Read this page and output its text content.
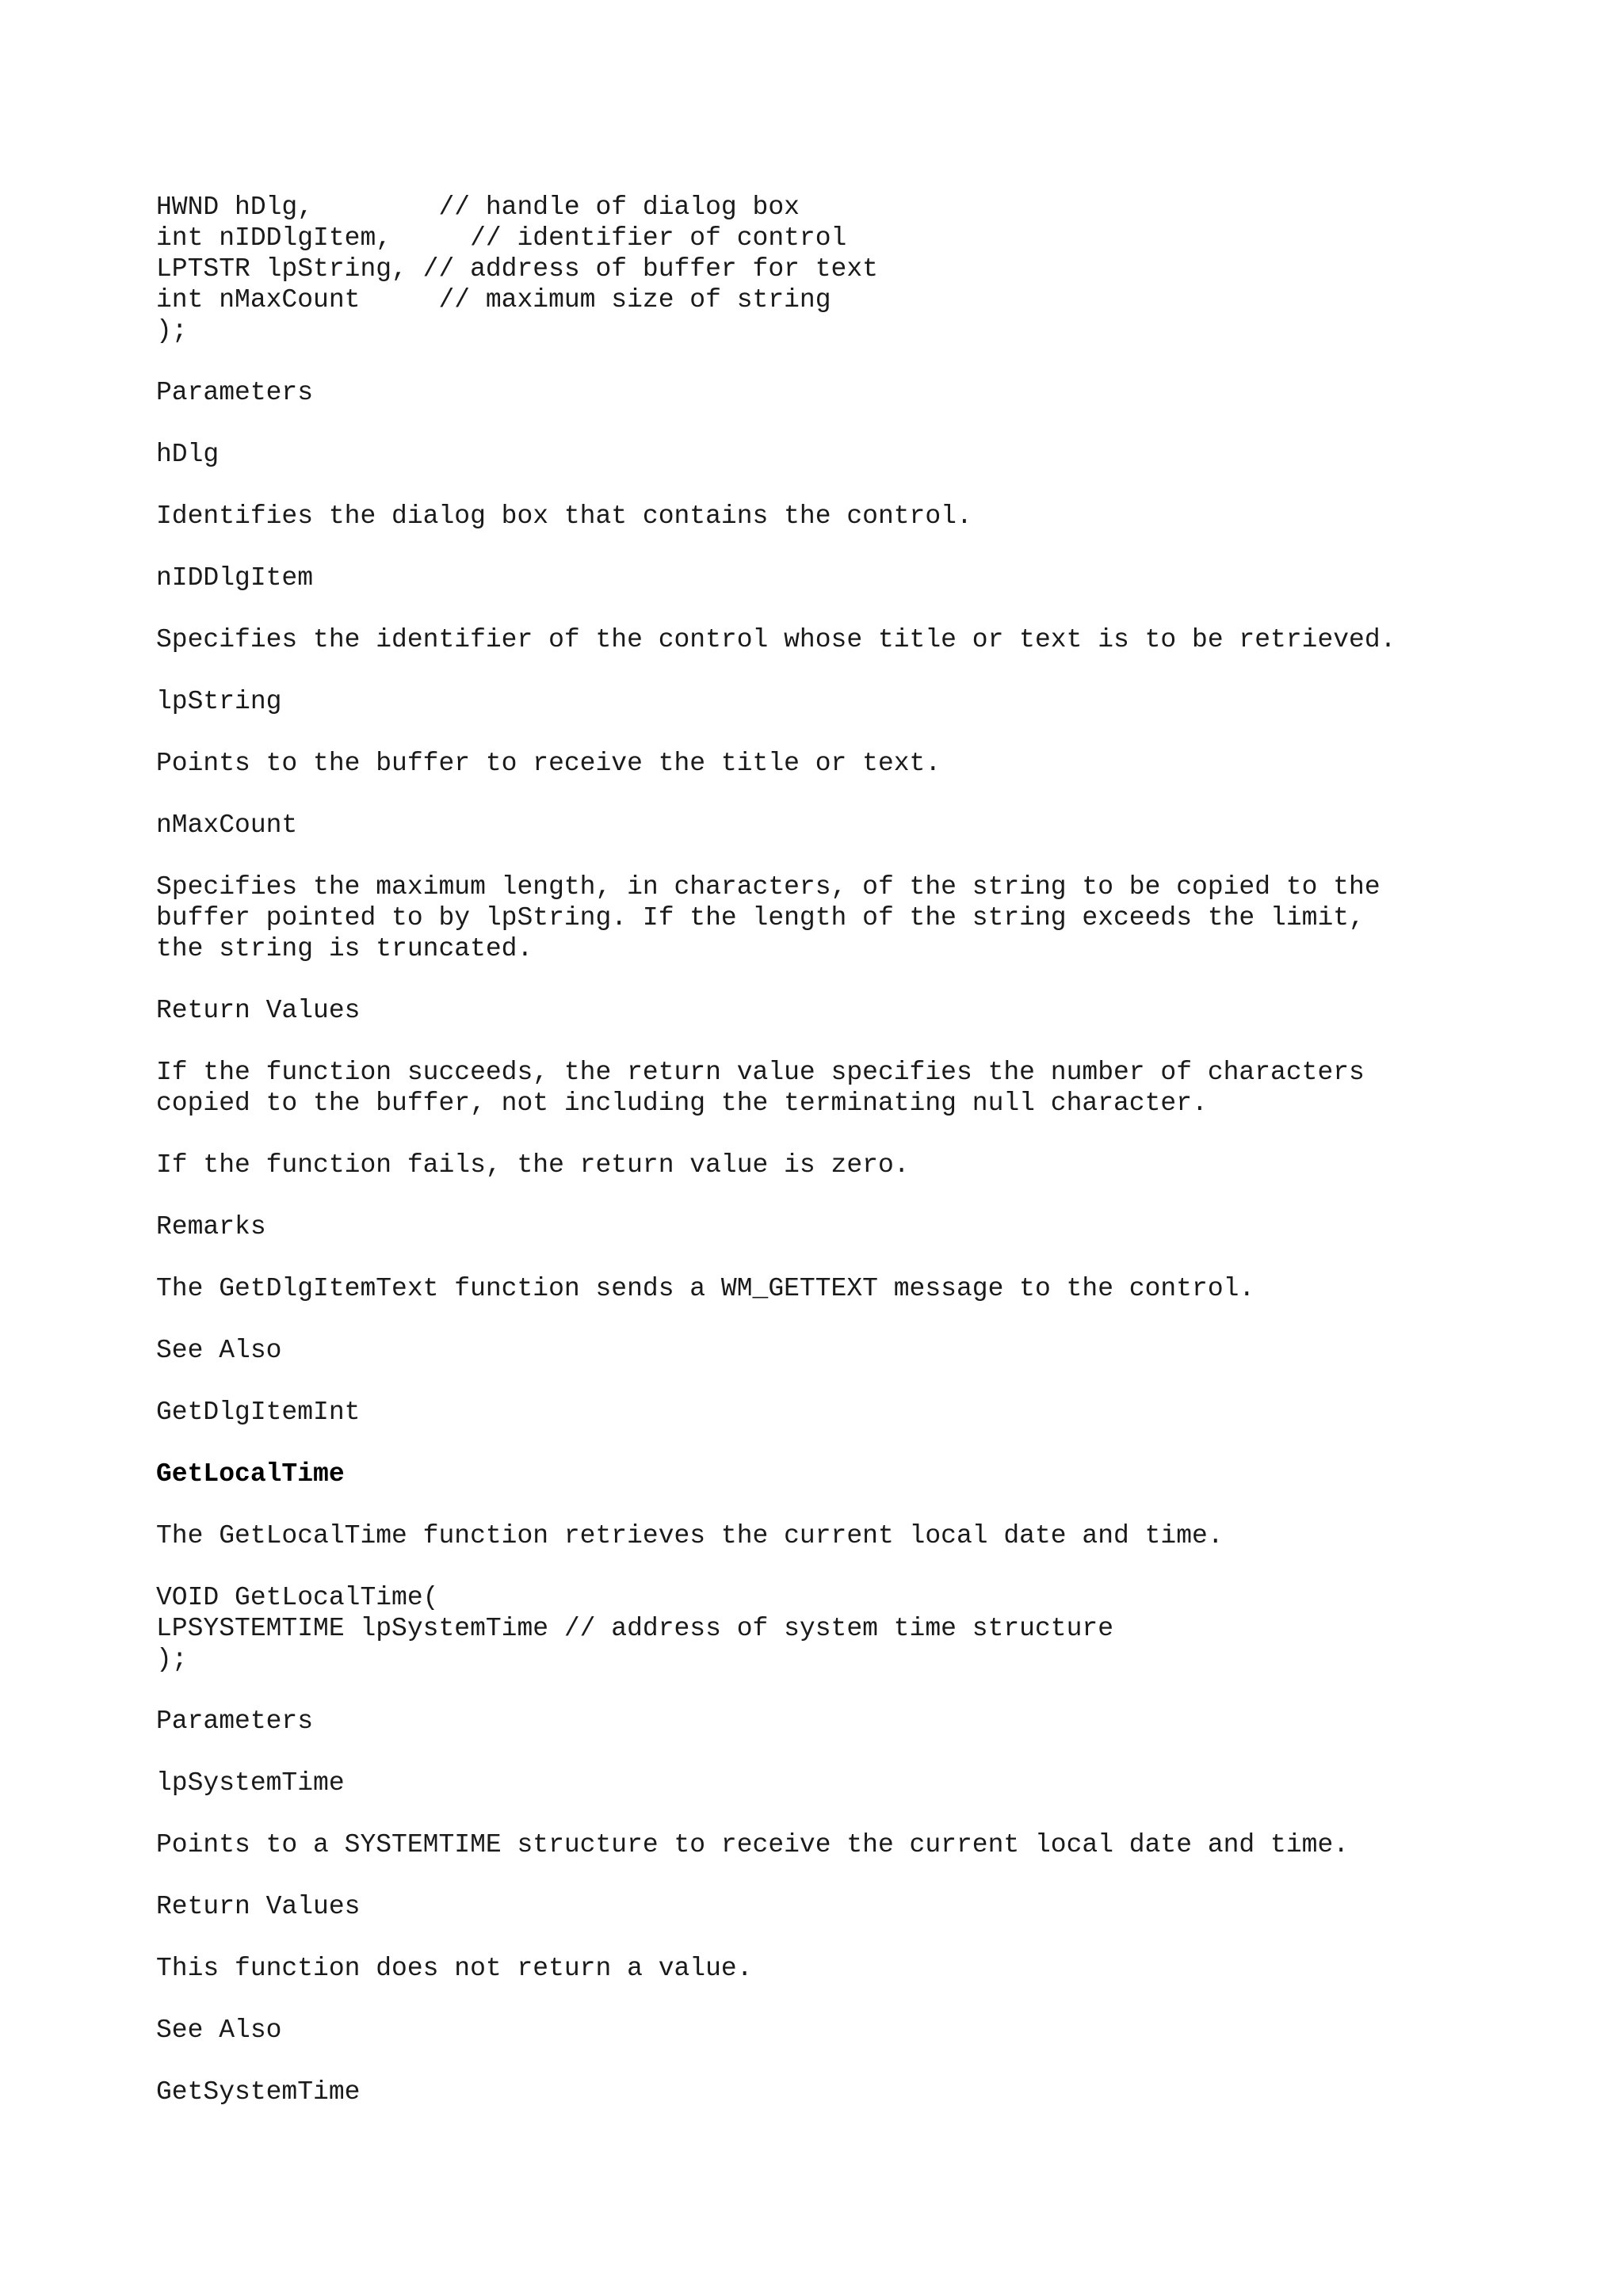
HWND hDlg,        // handle of dialog box
int nIDDlgItem,     // identifier of control
LPTSTR lpString, // address of buffer for text
int nMaxCount     // maximum size of string
);
Parameters
hDlg
Identifies the dialog box that contains the control.
nIDDlgItem
Specifies the identifier of the control whose title or text is to be retrieved.
lpString
Points to the buffer to receive the title or text.
nMaxCount
Specifies the maximum length, in characters, of the string to be copied to the
buffer pointed to by lpString. If the length of the string exceeds the limit,
the string is truncated.
Return Values
If the function succeeds, the return value specifies the number of characters
copied to the buffer, not including the terminating null character.
If the function fails, the return value is zero.
Remarks
The GetDlgItemText function sends a WM_GETTEXT message to the control.
See Also
GetDlgItemInt
GetLocalTime
The GetLocalTime function retrieves the current local date and time.
VOID GetLocalTime(
LPSYSTEMTIME lpSystemTime // address of system time structure
);
Parameters
lpSystemTime
Points to a SYSTEMTIME structure to receive the current local date and time.
Return Values
This function does not return a value.
See Also
GetSystemTime
